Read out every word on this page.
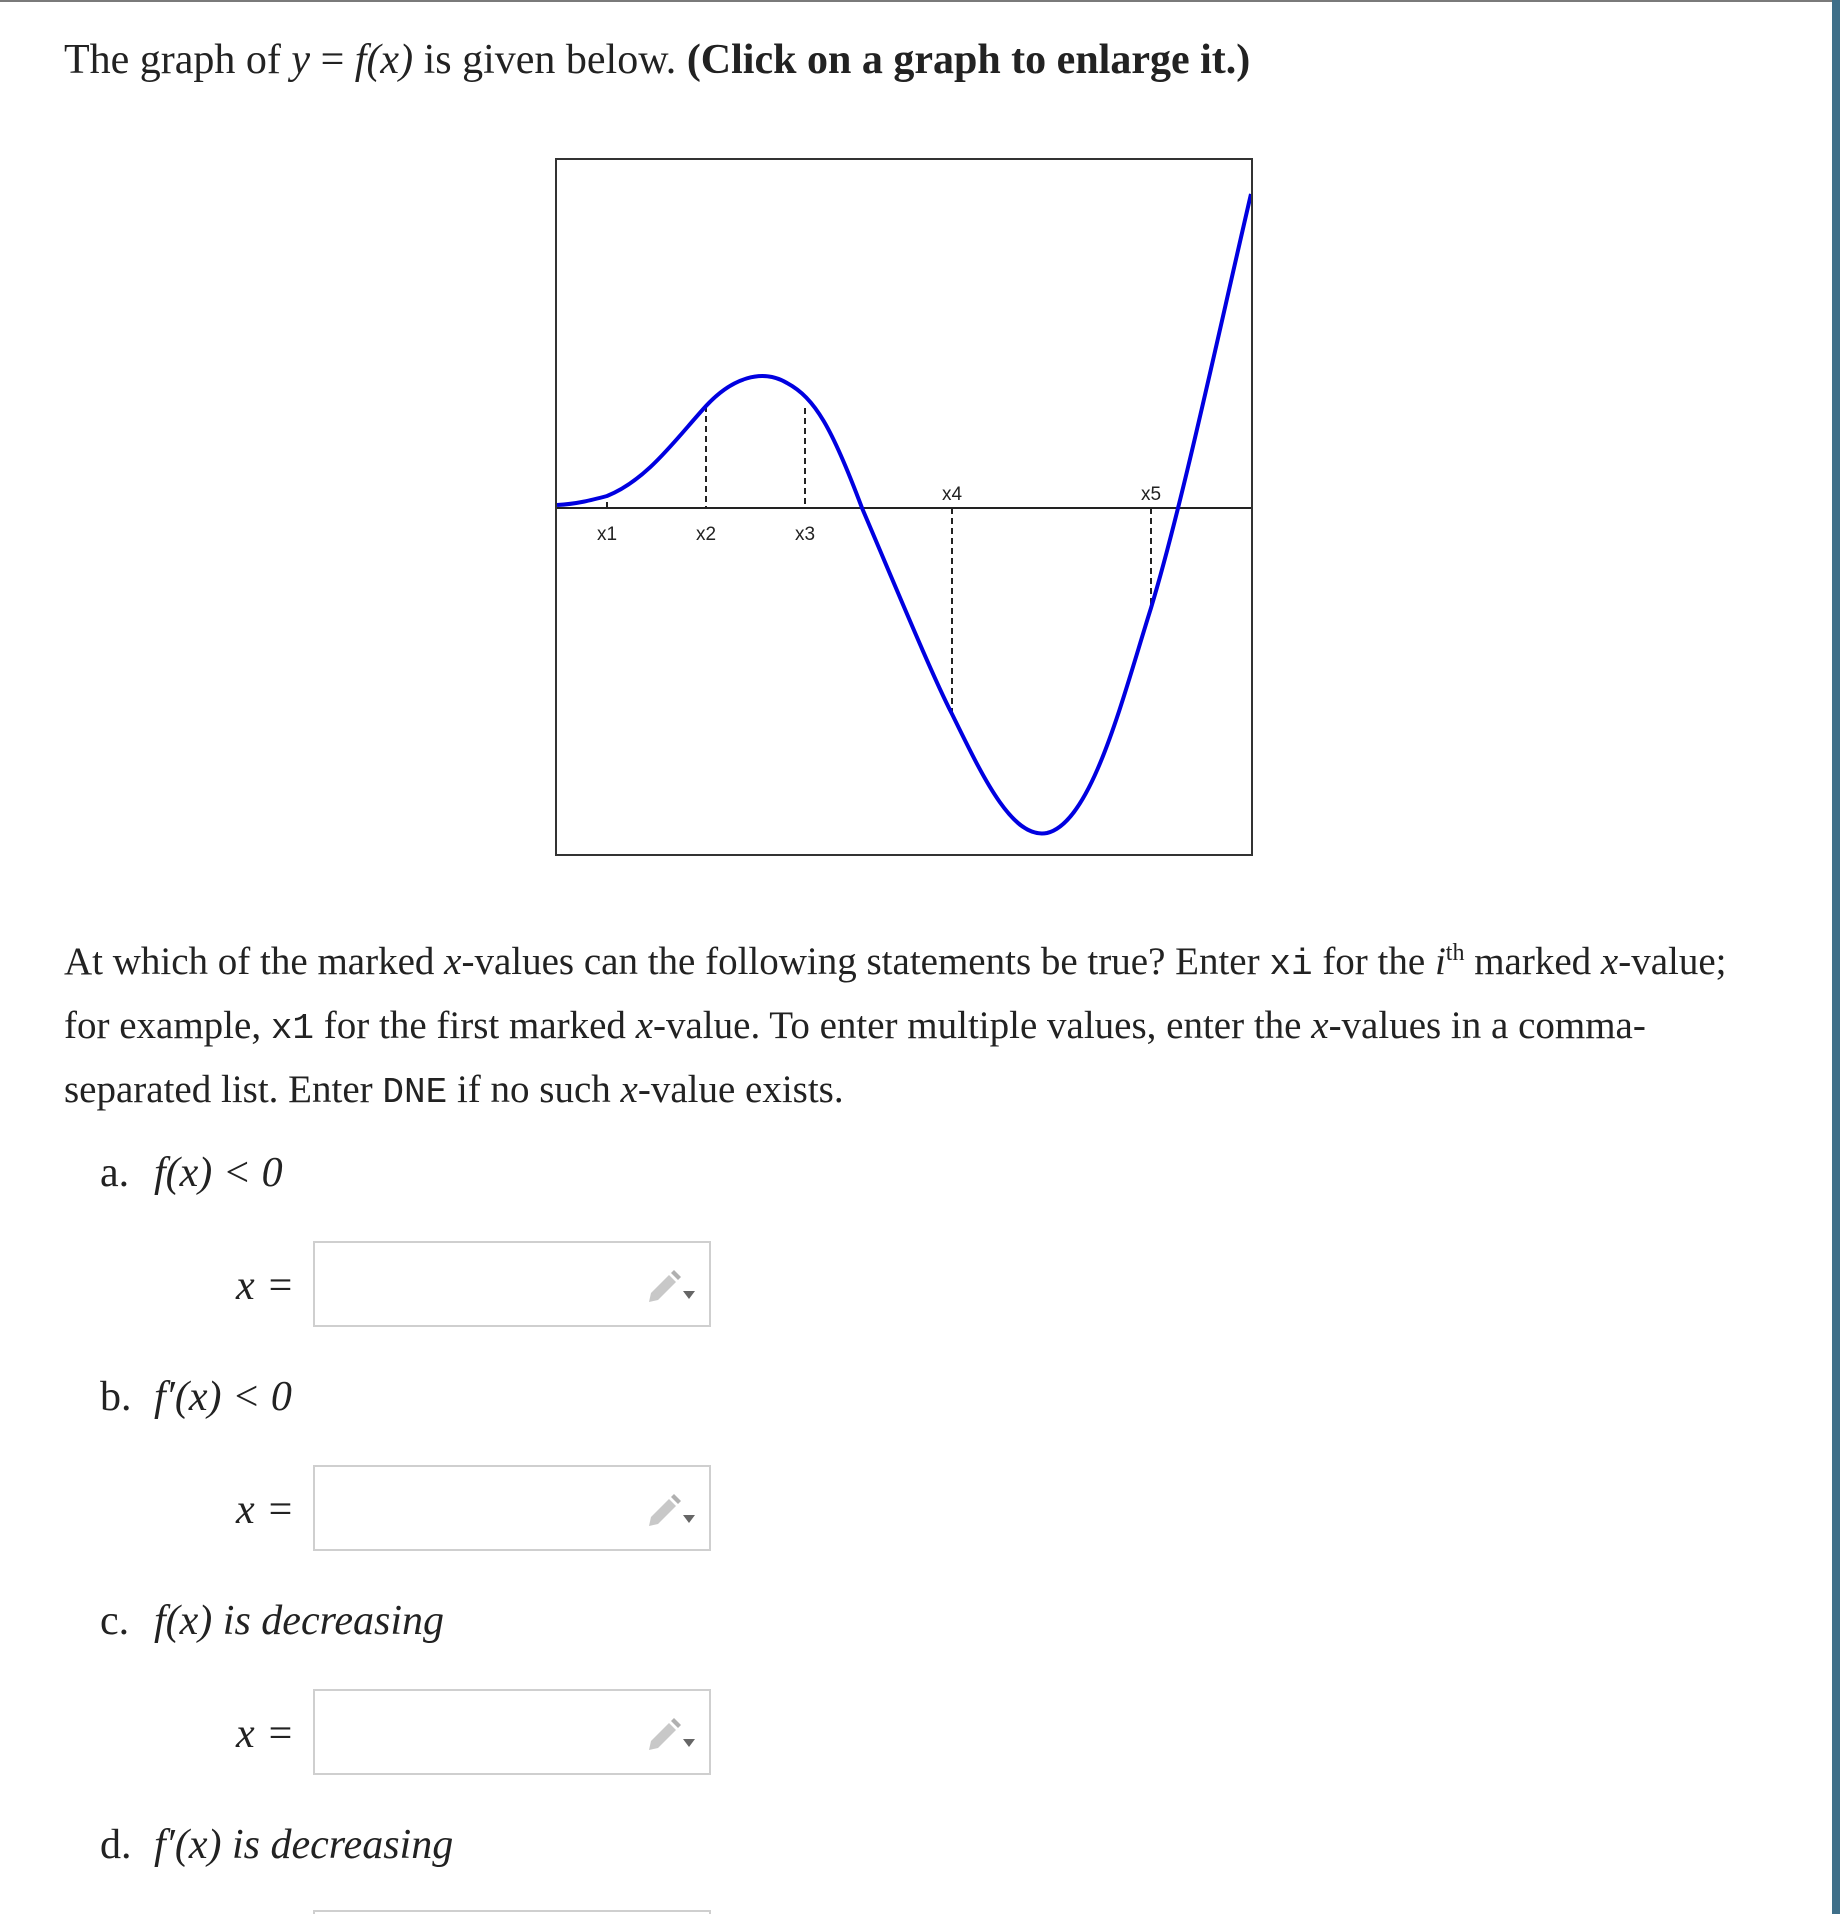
The graph of y = f(x) is given below. (Click on a graph to enlarge it.)
x1	x2	x3
x4	x5
At which of the marked x-values can the following statements be true? Enter xi for the $i^{th}$ marked x-value; for example, x1 for the first marked x-value. To enter multiple values, enter the x-values in a comma-separated list. Enter DNE if no such x-value exists.
a. f(x) < 0
x =
b. f′(x) < 0
x =
c. f(x) is decreasing
x =
d. f′(x) is decreasing
